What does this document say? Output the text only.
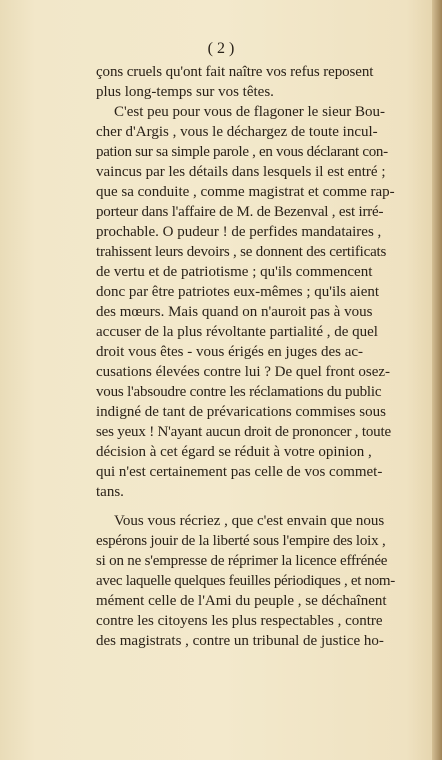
( 2 )
çons cruels qu'ont fait naître vos refus reposent
plus long-temps sur vos têtes.
C'est peu pour vous de flagoner le sieur Bou-
cher d'Argis , vous le déchargez de toute incul-
pation sur sa simple parole , en vous déclarant con-
vaincus par les détails dans lesquels il est entré ;
que sa conduite , comme magistrat et comme rap-
porteur dans l'affaire de M. de Bezenval , est irré-
prochable. O pudeur ! de perfides mandataires ,
trahissent leurs devoirs , se donnent des certificats
de vertu et de patriotisme ; qu'ils commencent
donc par être patriotes eux-mêmes ; qu'ils aient
des mœurs. Mais quand on n'auroit pas à vous
accuser de la plus révoltante partialité , de quel
droit vous êtes - vous érigés en juges des ac-
cusations élevées contre lui ? De quel front osez-
vous l'absoudre contre les réclamations du public
indigné de tant de prévarications commises sous
ses yeux ! N'ayant aucun droit de prononcer , toute
décision à cet égard se réduit à votre opinion ,
qui n'est certainement pas celle de vos commet-
tans.
Vous vous récriez , que c'est envain que nous
espérons jouir de la liberté sous l'empire des loix ,
si on ne s'empresse de réprimer la licence effrénée
avec laquelle quelques feuilles périodiques , et nom-
mément celle de l'Ami du peuple , se déchaînent
contre les citoyens les plus respectables , contre
des magistrats , contre un tribunal de justice ho-
